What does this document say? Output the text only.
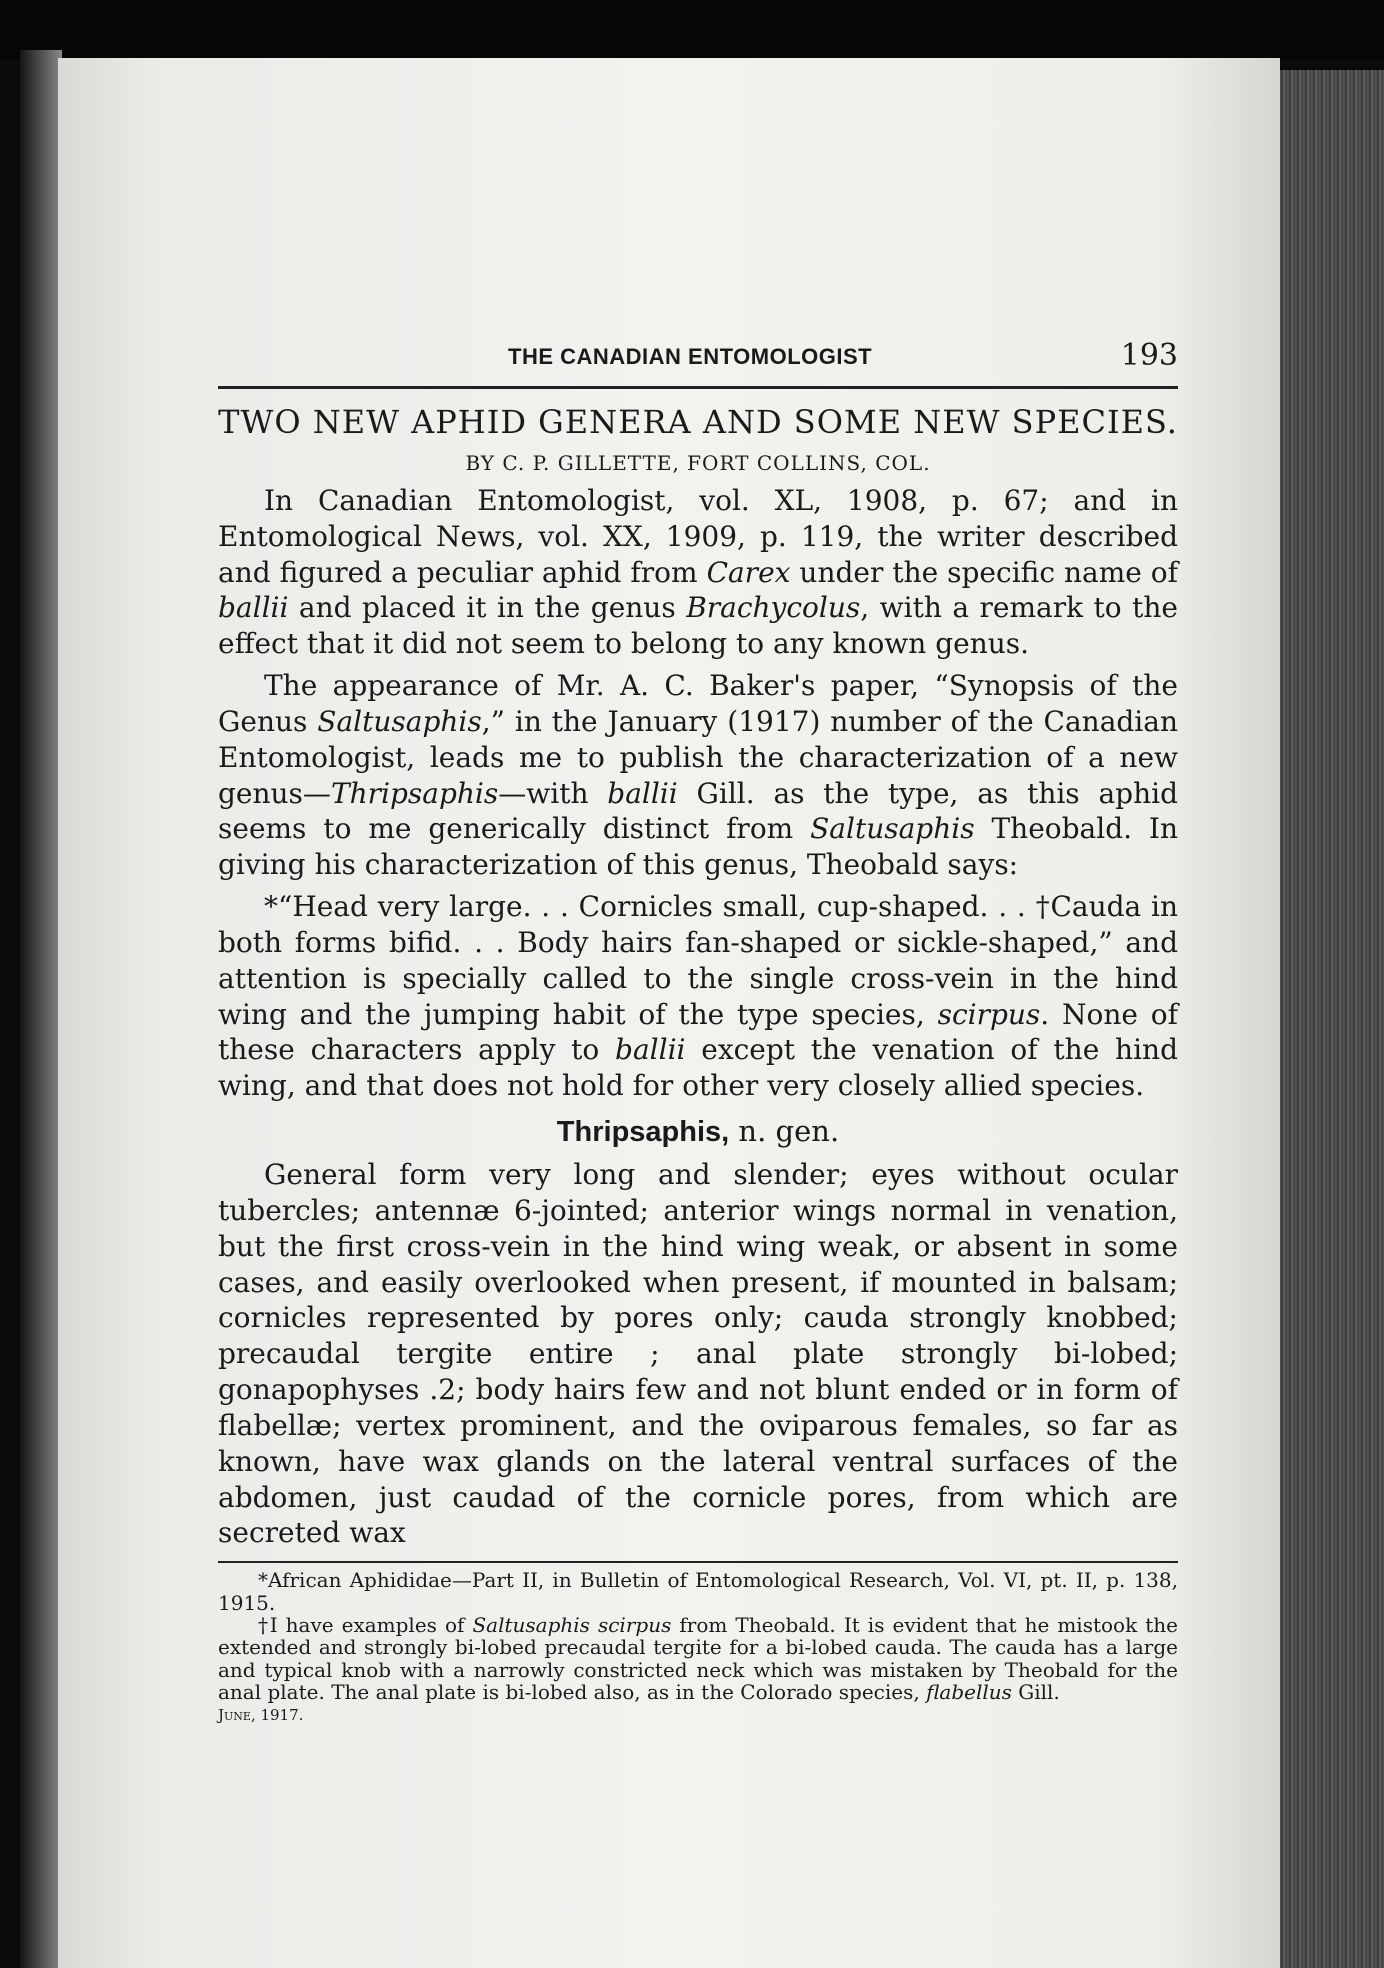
THE CANADIAN ENTOMOLOGIST	193
TWO NEW APHID GENERA AND SOME NEW SPECIES.
BY C. P. GILLETTE, FORT COLLINS, COL.

In Canadian Entomologist, vol. XL, 1908, p. 67; and in Entomological News, vol. XX, 1909, p. 119, the writer described and figured a peculiar aphid from Carex under the specific name of ballii and placed it in the genus Brachycolus, with a remark to the effect that it did not seem to belong to any known genus.

The appearance of Mr. A. C. Baker's paper, “Synopsis of the Genus Saltusaphis,” in the January (1917) number of the Canadian Entomologist, leads me to publish the characterization of a new genus—Thripsaphis—with ballii Gill. as the type, as this aphid seems to me generically distinct from Saltusaphis Theobald. In giving his characterization of this genus, Theobald says:

*“Head very large. . . Cornicles small, cup-shaped. . . †Cauda in both forms bifid. . . Body hairs fan-shaped or sickle-shaped,” and attention is specially called to the single cross-vein in the hind wing and the jumping habit of the type species, scirpus. None of these characters apply to ballii except the venation of the hind wing, and that does not hold for other very closely allied species.

Thripsaphis, n. gen.

General form very long and slender; eyes without ocular tubercles; antennæ 6-jointed; anterior wings normal in venation, but the first cross-vein in the hind wing weak, or absent in some cases, and easily overlooked when present, if mounted in balsam; cornicles represented by pores only; cauda strongly knobbed; precaudal tergite entire ; anal plate strongly bi-lobed; gonapophyses .2; body hairs few and not blunt ended or in form of flabellæ; vertex prominent, and the oviparous females, so far as known, have wax glands on the lateral ventral surfaces of the abdomen, just caudad of the cornicle pores, from which are secreted wax

*African Aphididae—Part II, in Bulletin of Entomological Research, Vol. VI, pt. II, p. 138, 1915.

†I have examples of Saltusaphis scirpus from Theobald. It is evident that he mistook the extended and strongly bi-lobed precaudal tergite for a bi-lobed cauda. The cauda has a large and typical knob with a narrowly constricted neck which was mistaken by Theobald for the anal plate. The anal plate is bi-lobed also, as in the Colorado species, flabellus Gill.

June, 1917.
